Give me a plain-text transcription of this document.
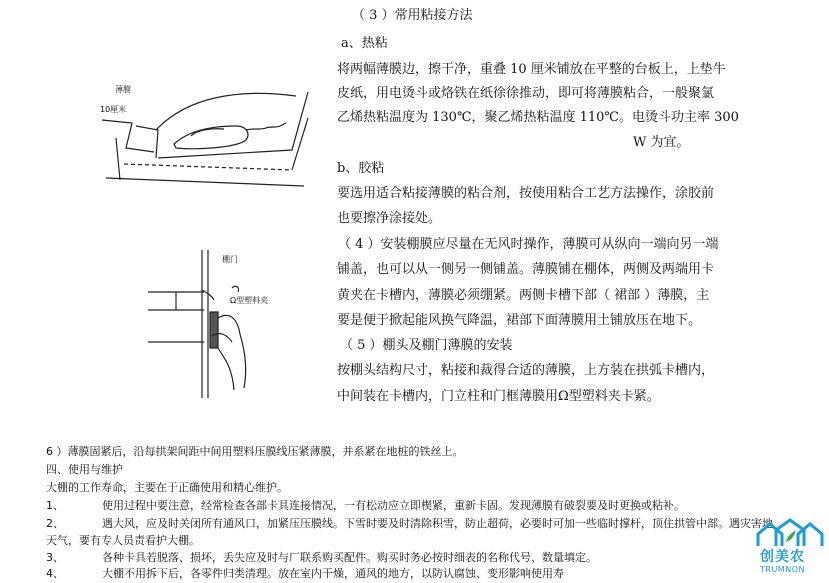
（ 3 ）常用粘接方法
a、热粘
将两幅薄膜边，擦干净，重叠 10 厘米铺放在平整的台板上，上垫牛
皮纸，用电烫斗或烙铁在纸徐徐推动，即可将薄膜粘合，一般聚氯
乙烯热粘温度为 130℃，聚乙烯热粘温度 110℃。电烫斗功主率 300
W 为宜。
b、胶粘
要选用适合粘接薄膜的粘合剂，按使用粘合工艺方法操作，涂胶前
也要擦净涂接处。
（ 4 ）安装棚膜应尽量在无风时操作，薄膜可从纵向一端向另一端
铺盖，也可以从一侧另一侧铺盖。薄膜铺在棚体，两侧及两端用卡
黄夹在卡槽内，薄膜必须绷紧。两侧卡槽下部（ 裙部 ）薄膜，主
要是便于掀起能风换气降温，裙部下面薄膜用土铺放压在地下。
（ 5 ）棚头及棚门薄膜的安装
按棚头结构尺寸，粘接和裁得合适的薄膜，上方装在拱弧卡槽内，
中间装在卡槽内，门立柱和门框薄膜用Ω型塑料夹卡紧。
薄膜
10厘米
棚门
Ω型塑料夹
6 ）薄膜固紧后，沿每拱架间距中间用塑料压膜线压紧薄膜，并系紧在地桩的铁丝上。
四、使用与维护
大棚的工作寿命，主要在于正确使用和精心维护。
1、	使用过程中要注意，经常检查各部卡具连接情况，一有松动应立即楔紧，重新卡固。发现薄膜有破裂要及时更换或粘补。
2、	遇大风，应及时关闭所有通风口，加紧压压膜线。下雪时要及时清除积雪，防止超荷，必要时可加一些临时撑杆，顶住拱管中部。遇灾害地
天气，要有专人员责看护大棚。
3、	各种卡具若脱落、损坏，丢失应及时与厂联系购买配件。购买时务必按时细表的名称代号、数量填定。
4、	大棚不用拆下后，各零件归类清理。放在室内干燥，通风的地方，以防认腐蚀、变形影响使用寿
创美农
TRUMNON
